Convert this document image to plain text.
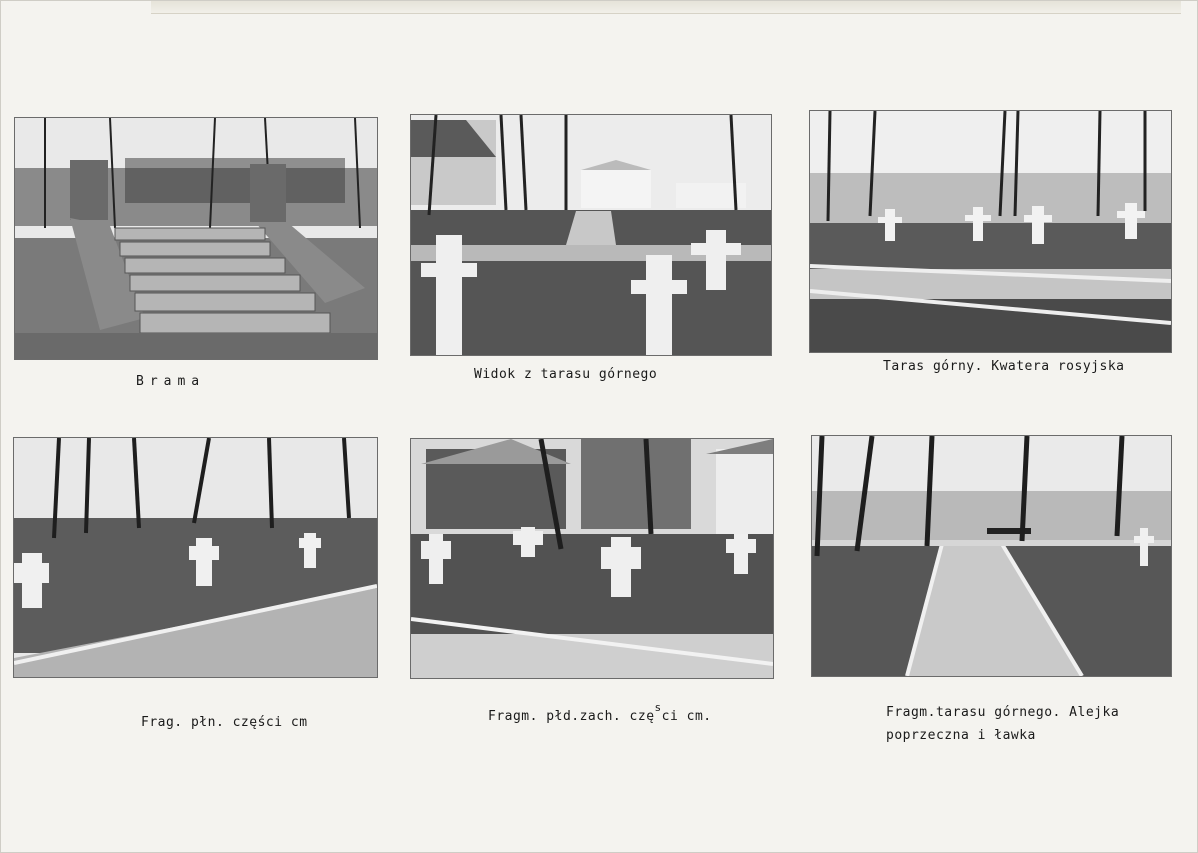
Brama	Widok z tarasu górnego
Taras górny. Kwatera rosyjska
Frag. płn. części cm	Fragm. płd.zach. czę$^s$ci cm.	Fragm.tarasu górnego. Alejka
poprzeczna i ławka
